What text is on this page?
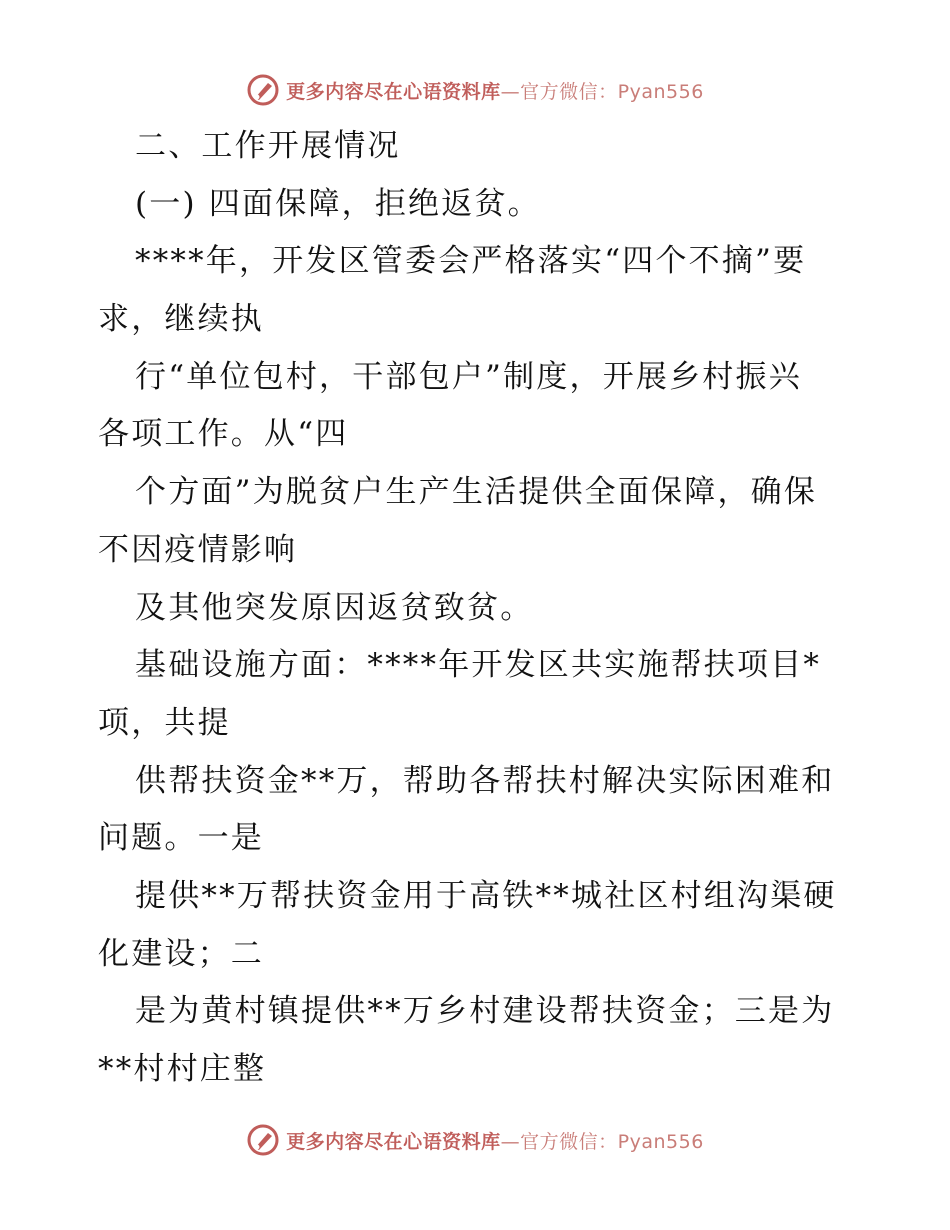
更多内容尽在心语资料库—官方微信：Pyan556
二、工作开展情况
(一) 四面保障，拒绝返贫。
****年，开发区管委会严格落实“四个不摘”要
求，继续执
行“单位包村，干部包户”制度，开展乡村振兴
各项工作。从“四
个方面”为脱贫户生产生活提供全面保障，确保
不因疫情影响
及其他突发原因返贫致贫。
基础设施方面：****年开发区共实施帮扶项目*
项，共提
供帮扶资金**万，帮助各帮扶村解决实际困难和
问题。一是
提供**万帮扶资金用于高铁**城社区村组沟渠硬
化建设；二
是为黄村镇提供**万乡村建设帮扶资金；三是为
**村村庄整
更多内容尽在心语资料库—官方微信：Pyan556
